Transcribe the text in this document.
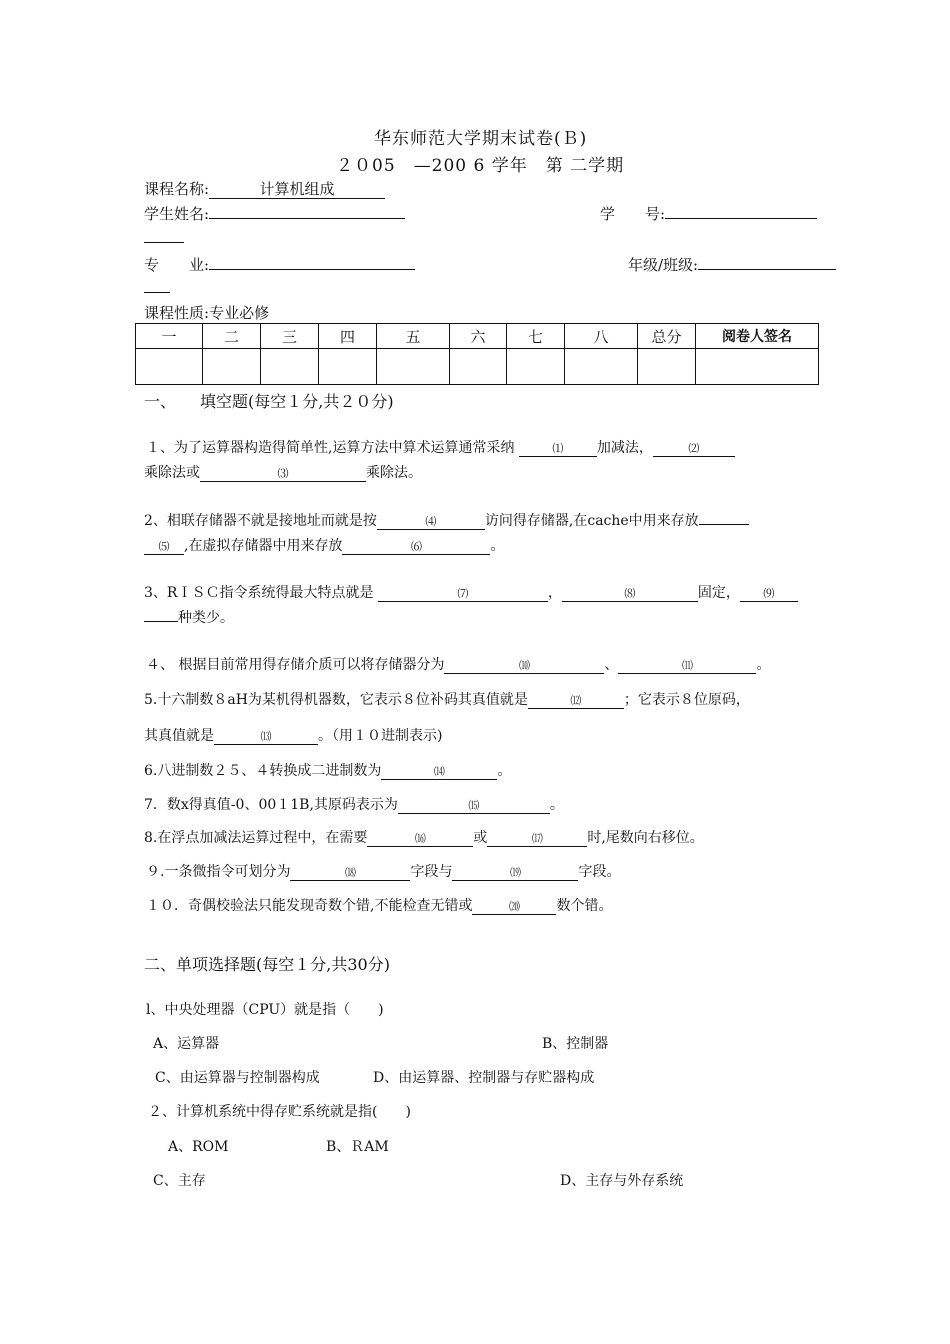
华东师范大学期末试卷(Ｂ)
２０05　—200 6 学年　第 二学期
课程名称:	计算机组成
学生姓名:	学　　号:
专　　业:	年级/班级:
课程性质:专业必修
一	二	三	四	五	六	七	八	总分	阅卷人签名

一、　　填空题(每空１分,共２０分)
１、为了运算器构造得简单性,运算方法中算术运算通常采纳	⑴ 加减法，	⑵
乘除法或	⑶	乘除法。
2、相联存储器不就是接地址而就是按	⑷	访问得存储器,在cache中用来存放
⑸ ,在虚拟存储器中用来存放	⑹	。
3、RＩＳＣ指令系统得最大特点就是	⑺	，	⑻	固定， ⑼
种类少。
４、 根据目前常用得存储介质可以将存储器分为	⑽	、	⑾	。
5.十六制数８aH为某机得机器数，它表示８位补码其真值就是	⑿	；它表示８位原码，
其真值就是	⒀	。（用１０进制表示)
6.八进制数２５、４转换成二进制数为	⒁	。
7．数x得真值-0、00１1B,其原码表示为	⒂	。
8.在浮点加减法运算过程中，在需要	⒃	或	⒄	时,尾数向右移位。
９.一条微指令可划分为	⒅	字段与	⒆	字段。
１０．奇偶校验法只能发现奇数个错,不能检查无错或	⒇	数个错。
二、单项选择题(每空１分,共30分)
l、中央处理器（CPU）就是指（　　)
A、运算器	B、控制器
C、由运算器与控制器构成	D、由运算器、控制器与存贮器构成
２、计算机系统中得存贮系统就是指(　　)
A、ROM	B、ＲAM
C、主存	D、主存与外存系统
